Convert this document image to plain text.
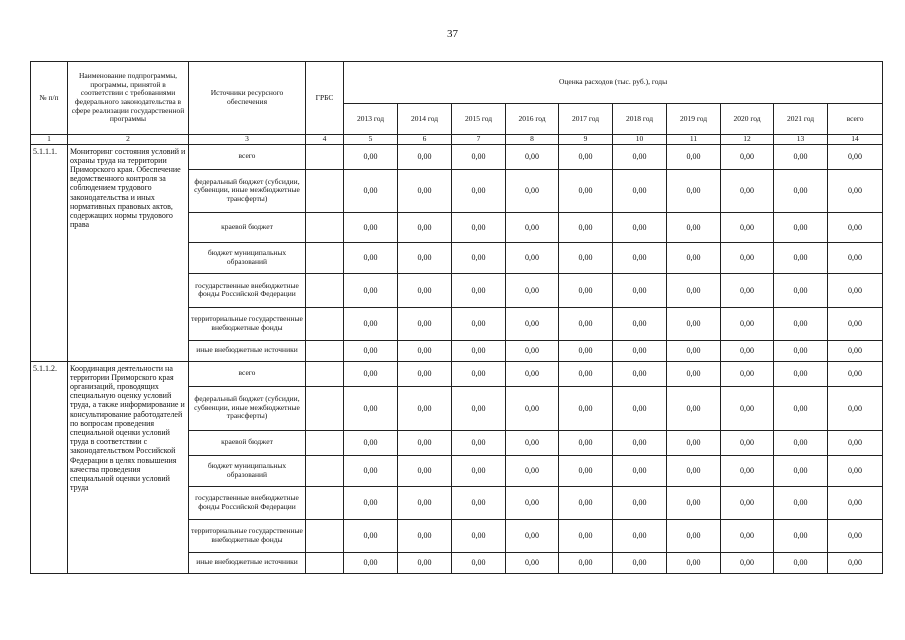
37
№ п/п	Наименование подпрограммы, программы, принятой в соответствии с требованиями федерального законодательства в сфере реализации государственной программы	Источники ресурсного обеспечения	ГРБС	Оценка расходов (тыс. руб.), годы									
				2013 год	2014 год	2015 год	2016 год	2017 год	2018 год	2019 год	2020 год	2021 год	всего
1	2	3	4	5	6	7	8	9	10	11	12	13	14
5.1.1.1.	Мониторинг состояния условий и охраны труда на территории Приморского края. Обеспечение ведомственного контроля за соблюдением трудового законодательства и иных нормативных правовых актов, содержащих нормы трудового права	всего		0,00	0,00	0,00	0,00	0,00	0,00	0,00	0,00	0,00	0,00
		федеральный бюджет (субсидии, субвенции, иные межбюджетные трансферты)		0,00	0,00	0,00	0,00	0,00	0,00	0,00	0,00	0,00	0,00
		краевой бюджет		0,00	0,00	0,00	0,00	0,00	0,00	0,00	0,00	0,00	0,00
		бюджет муниципальных образований		0,00	0,00	0,00	0,00	0,00	0,00	0,00	0,00	0,00	0,00
		государственные внебюджетные фонды Российской Федерации		0,00	0,00	0,00	0,00	0,00	0,00	0,00	0,00	0,00	0,00
		территориальные государственные внебюджетные фонды		0,00	0,00	0,00	0,00	0,00	0,00	0,00	0,00	0,00	0,00
		иные внебюджетные источники		0,00	0,00	0,00	0,00	0,00	0,00	0,00	0,00	0,00	0,00
5.1.1.2.	Координация деятельности на территории Приморского края организаций, проводящих специальную оценку условий труда, а также информирование и консультирование работодателей по вопросам проведения специальной оценки условий труда в соответствии с законодательством Российской Федерации в целях повышения качества проведения специальной оценки условий труда	всего		0,00	0,00	0,00	0,00	0,00	0,00	0,00	0,00	0,00	0,00
		федеральный бюджет (субсидии, субвенции, иные межбюджетные трансферты)		0,00	0,00	0,00	0,00	0,00	0,00	0,00	0,00	0,00	0,00
		краевой бюджет		0,00	0,00	0,00	0,00	0,00	0,00	0,00	0,00	0,00	0,00
		бюджет муниципальных образований		0,00	0,00	0,00	0,00	0,00	0,00	0,00	0,00	0,00	0,00
		государственные внебюджетные фонды Российской Федерации		0,00	0,00	0,00	0,00	0,00	0,00	0,00	0,00	0,00	0,00
		территориальные государственные внебюджетные фонды		0,00	0,00	0,00	0,00	0,00	0,00	0,00	0,00	0,00	0,00
		иные внебюджетные источники		0,00	0,00	0,00	0,00	0,00	0,00	0,00	0,00	0,00	0,00
